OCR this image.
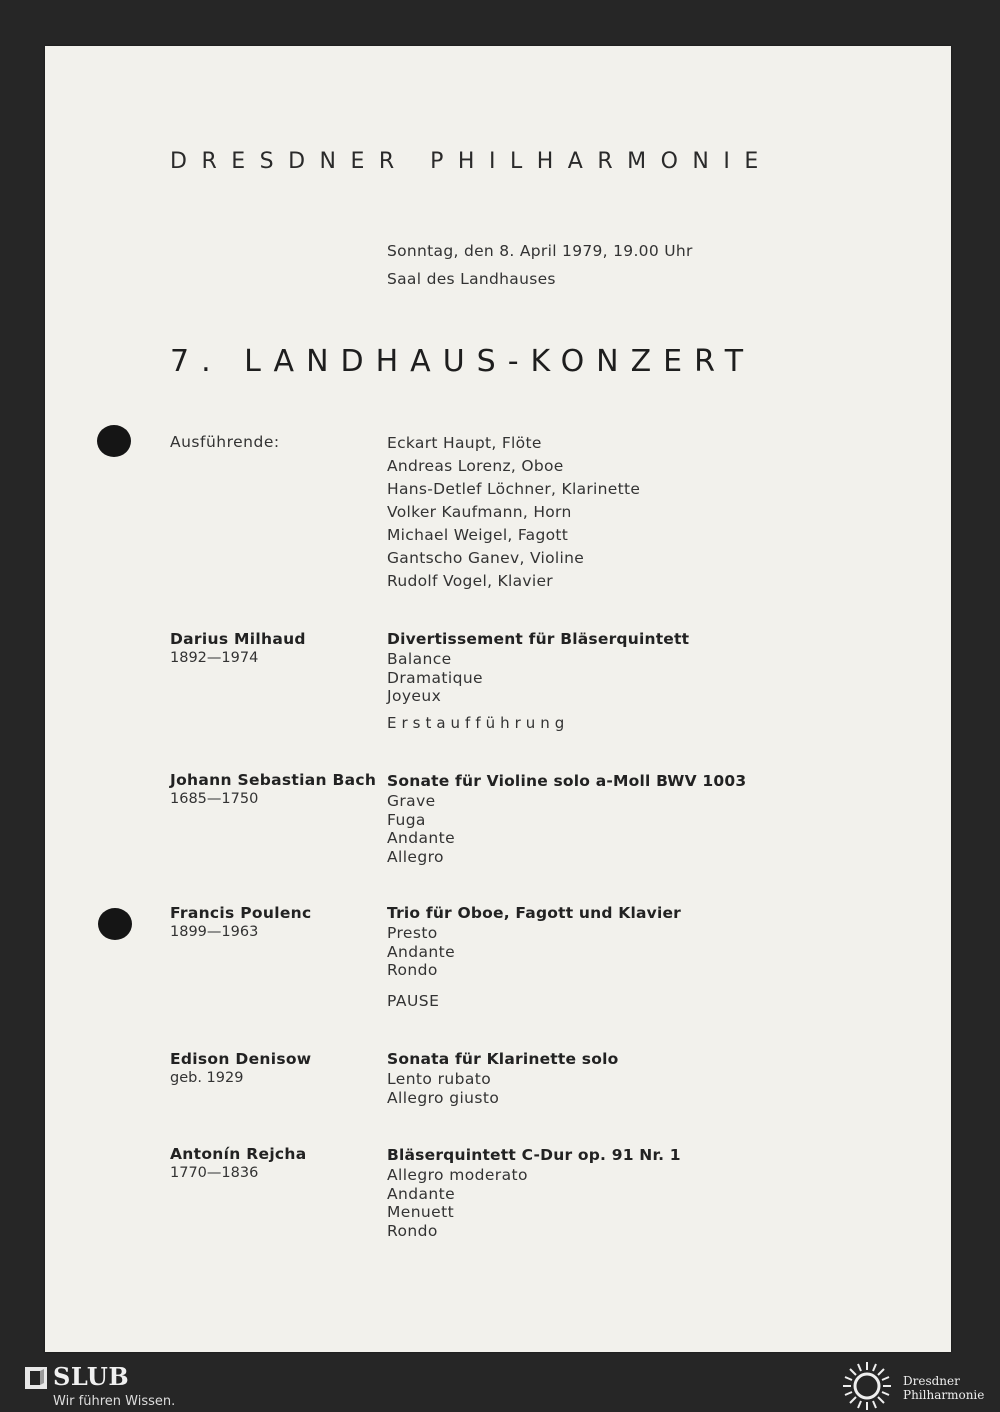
DRESDNER PHILHARMONIE
Sonntag, den 8. April 1979, 19.00 Uhr
Saal des Landhauses
7. LANDHAUS-KONZERT
Ausführende:	Eckart Haupt, Flöte
Andreas Lorenz, Oboe
Hans-Detlef Löchner, Klarinette
Volker Kaufmann, Horn
Michael Weigel, Fagott
Gantscho Ganev, Violine
Rudolf Vogel, Klavier
Darius Milhaud
1892—1974
Divertissement für Bläserquintett
Balance
Dramatique
Joyeux
Erstaufführung
Johann Sebastian Bach
1685—1750
Sonate für Violine solo a-Moll BWV 1003
Grave
Fuga
Andante
Allegro
Francis Poulenc
1899—1963
Trio für Oboe, Fagott und Klavier
Presto
Andante
Rondo
PAUSE
Edison Denisow
geb. 1929
Sonata für Klarinette solo
Lento rubato
Allegro giusto
Antonín Rejcha
1770—1836
Bläserquintett C-Dur op. 91 Nr. 1
Allegro moderato
Andante
Menuett
Rondo
SLUB
Wir führen Wissen.
Dresdner
Philharmonie
